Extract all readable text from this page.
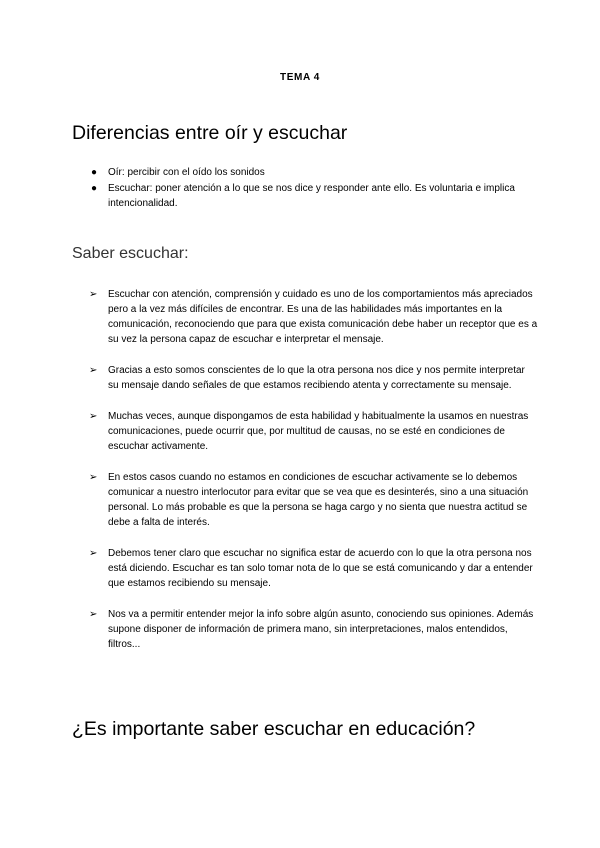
TEMA 4
Diferencias entre oír y escuchar
● Oír: percibir con el oído los sonidos
● Escuchar: poner atención a lo que se nos dice y responder ante ello. Es voluntaria e implica intencionalidad.
Saber escuchar:
➢ Escuchar con atención, comprensión y cuidado es uno de los comportamientos más apreciados pero a la vez más difíciles de encontrar. Es una de las habilidades más importantes en la comunicación, reconociendo que para que exista comunicación debe haber un receptor que es a su vez la persona capaz de escuchar e interpretar el mensaje.
➢ Gracias a esto somos conscientes de lo que la otra persona nos dice y nos permite interpretar su mensaje dando señales de que estamos recibiendo atenta y correctamente su mensaje.
➢ Muchas veces, aunque dispongamos de esta habilidad y habitualmente la usamos en nuestras comunicaciones, puede ocurrir que, por multitud de causas, no se esté en condiciones de escuchar activamente.
➢ En estos casos cuando no estamos en condiciones de escuchar activamente se lo debemos comunicar a nuestro interlocutor para evitar que se vea que es desinterés, sino a una situación personal. Lo más probable es que la persona se haga cargo y no sienta que nuestra actitud se debe a falta de interés.
➢ Debemos tener claro que escuchar no significa estar de acuerdo con lo que la otra persona nos está diciendo. Escuchar es tan solo tomar nota de lo que se está comunicando y dar a entender que estamos recibiendo su mensaje.
➢ Nos va a permitir entender mejor la info sobre algún asunto, conociendo sus opiniones. Además supone disponer de información de primera mano, sin interpretaciones, malos entendidos, filtros...
¿Es importante saber escuchar en educación?
